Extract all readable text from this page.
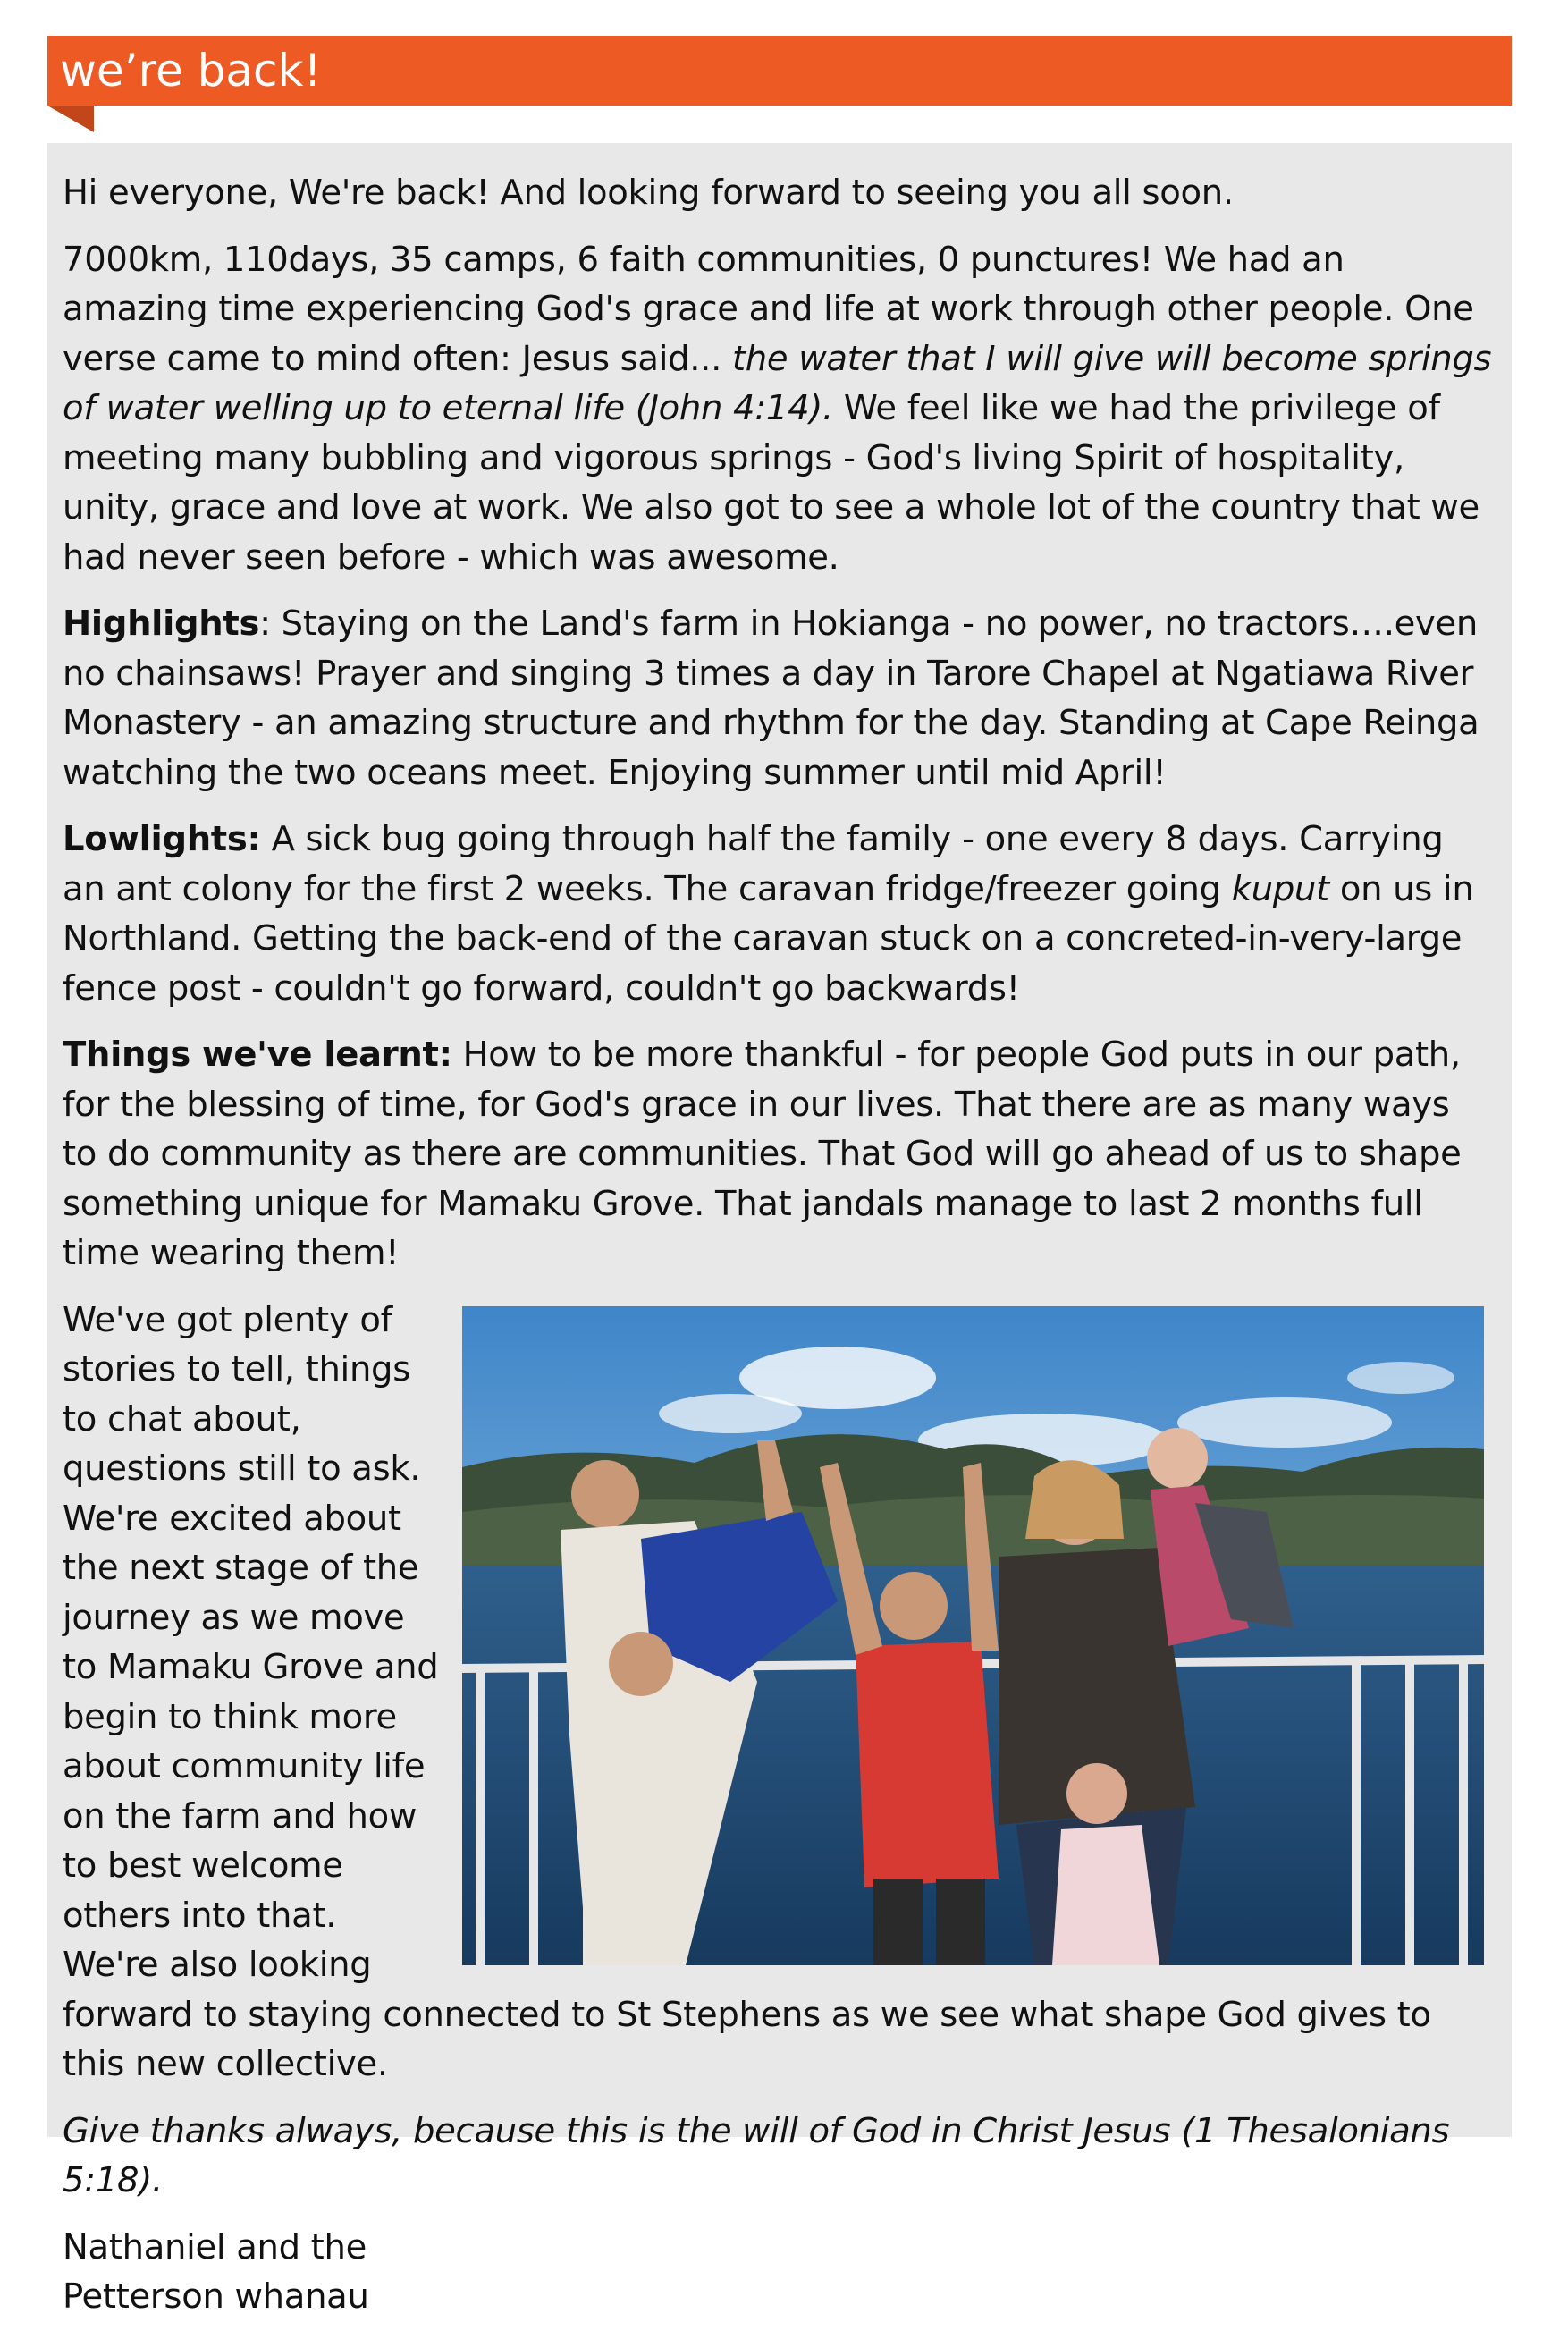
we’re back!

Hi everyone, We're back! And looking forward to seeing you all soon.

7000km, 110days, 35 camps, 6 faith communities, 0 punctures! We had an amazing time experiencing God's grace and life at work through other people. One verse came to mind often: Jesus said... the water that I will give will become springs of water welling up to eternal life (John 4:14). We feel like we had the privilege of meeting many bubbling and vigorous springs - God's living Spirit of hospitality, unity, grace and love at work. We also got to see a whole lot of the country that we had never seen before - which was awesome.

Highlights: Staying on the Land's farm in Hokianga - no power, no tractors….even no chainsaws! Prayer and singing 3 times a day in Tarore Chapel at Ngatiawa River Monastery - an amazing structure and rhythm for the day. Standing at Cape Reinga watching the two oceans meet. Enjoying summer until mid April!

Lowlights: A sick bug going through half the family - one every 8 days. Carrying an ant colony for the first 2 weeks. The caravan fridge/freezer going kuput on us in Northland. Getting the back-end of the caravan stuck on a concreted-in-very-large fence post - couldn't go forward, couldn't go backwards!

Things we've learnt: How to be more thankful - for people God puts in our path, for the blessing of time, for God's grace in our lives. That there are as many ways to do community as there are communities. That God will go ahead of us to shape something unique for Mamaku Grove. That jandals manage to last 2 months full time wearing them!

We've got plenty of stories to tell, things to chat about, questions still to ask. We're excited about the next stage of the journey as we move to Mamaku Grove and begin to think more about community life on the farm and how to best welcome others into that. We're also looking forward to staying connected to St Stephens as we see what shape God gives to this new collective.

Give thanks always, because this is the will of God in Christ Jesus (1 Thesalonians 5:18).

Nathaniel and the
Petterson whanau
